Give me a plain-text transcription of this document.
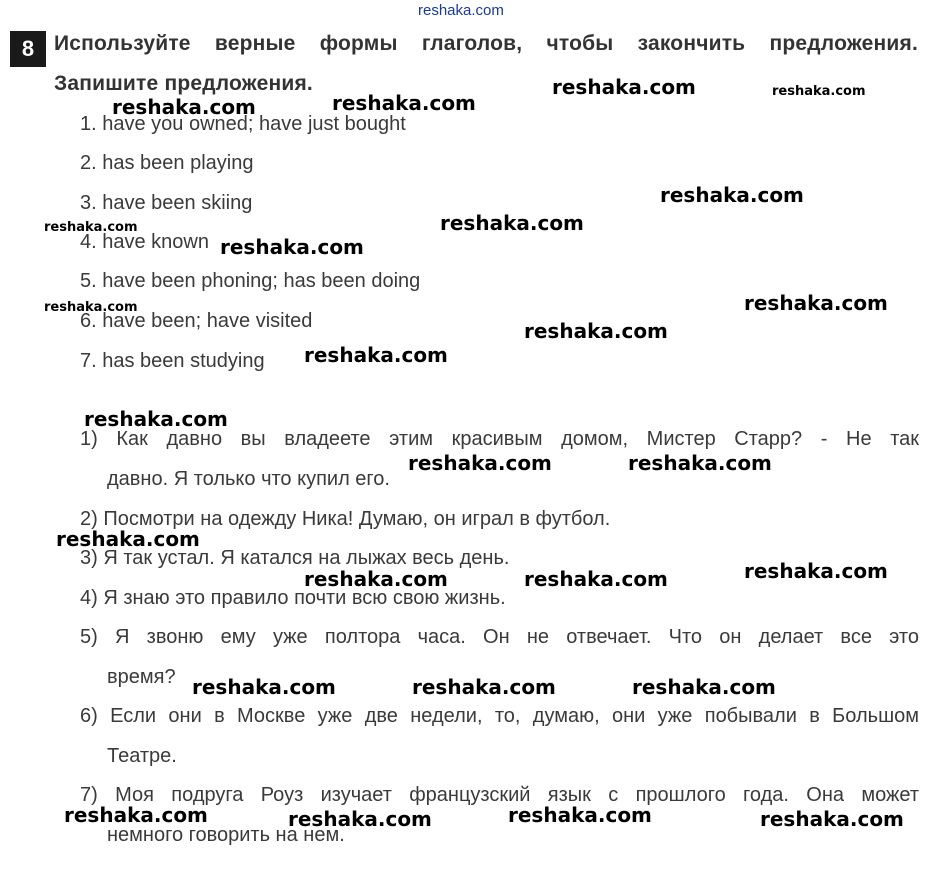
reshaka.com
8 Используйте верные формы глаголов, чтобы закончить предложения.
Запишите предложения.
1. have you owned; have just bought
2. has been playing
3. have been skiing
4. have known
5. have been phoning; has been doing
6. have been; have visited
7. has been studying
1) Как давно вы владеете этим красивым домом, Мистер Старр? - Не так
давно. Я только что купил его.
2) Посмотри на одежду Ника! Думаю, он играл в футбол.
3) Я так устал. Я катался на лыжах весь день.
4) Я знаю это правило почти всю свою жизнь.
5) Я звоню ему уже полтора часа. Он не отвечает. Что он делает все это
время?
6) Если они в Москве уже две недели, то, думаю, они уже побывали в Большом
Театре.
7) Моя подруга Роуз изучает французский язык с прошлого года. Она может
немного говорить на нем.
reshaka.com
reshaka.com	reshaka.com
reshaka.com
reshaka.com
reshaka.com
reshaka.com
reshaka.com
reshaka.com
reshaka.com
reshaka.com	reshaka.com
reshaka.com
reshaka.com
reshaka.com	reshaka.com
reshaka.com	reshaka.com	reshaka.com
reshaka.com	reshaka.com	reshaka.com	reshaka.com
reshaka.com
reshaka.com
reshaka.com
